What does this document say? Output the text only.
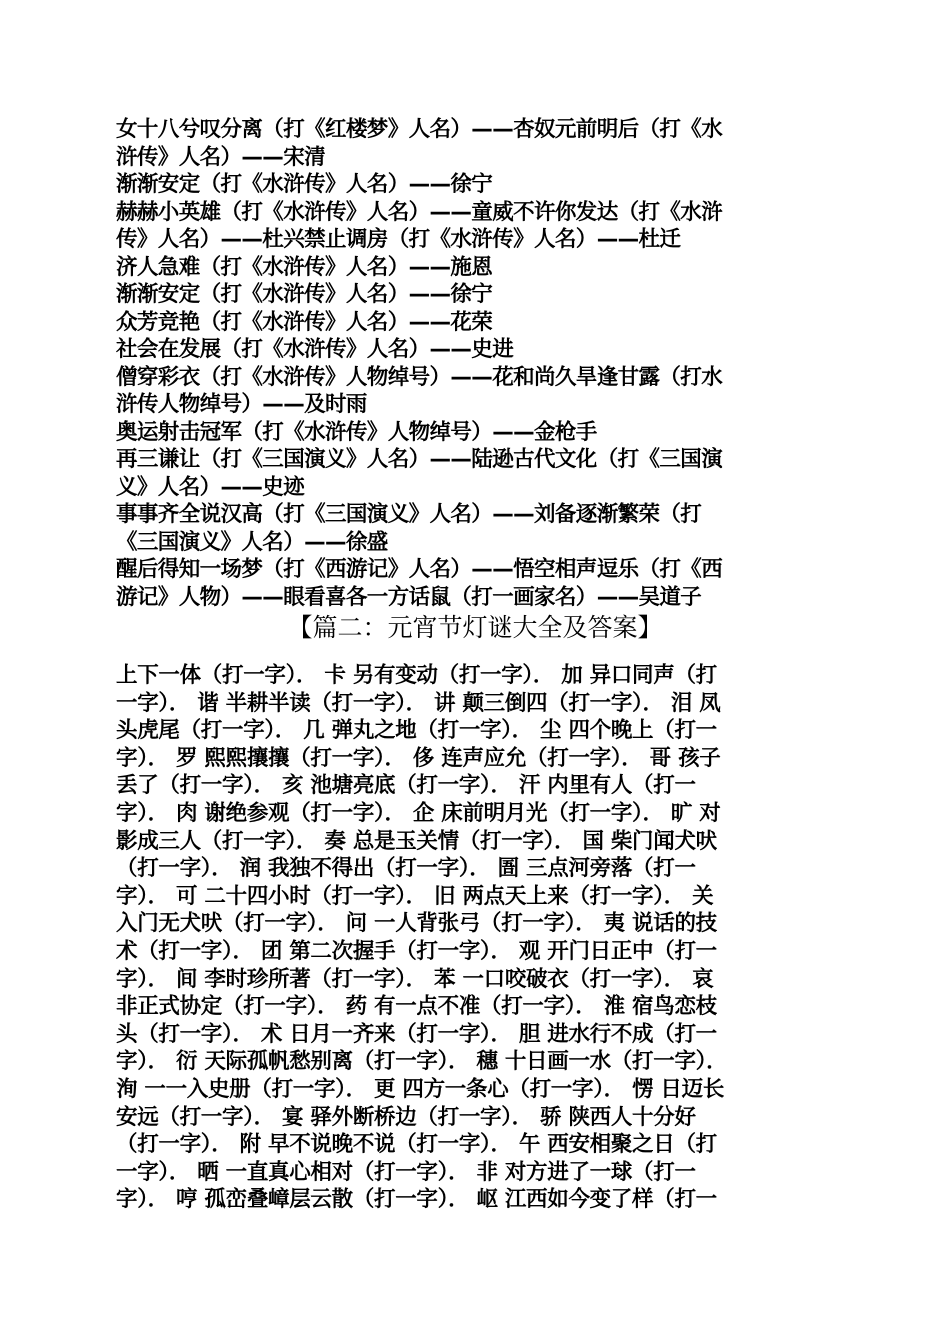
女十八兮叹分离（打《红楼梦》人名）——杏奴元前明后（打《水
浒传》人名）——宋清
渐渐安定（打《水浒传》人名）——徐宁
赫赫小英雄（打《水浒传》人名）——童威不许你发达（打《水浒
传》人名）——杜兴禁止调房（打《水浒传》人名）——杜迁
济人急难（打《水浒传》人名）——施恩
渐渐安定（打《水浒传》人名）——徐宁
众芳竞艳（打《水浒传》人名）——花荣
社会在发展（打《水浒传》人名）——史进
僧穿彩衣（打《水浒传》人物绰号）——花和尚久旱逢甘露（打水
浒传人物绰号）——及时雨
奥运射击冠军（打《水浒传》人物绰号）——金枪手
再三谦让（打《三国演义》人名）——陆逊古代文化（打《三国演
义》人名）——史迹
事事齐全说汉高（打《三国演义》人名）——刘备逐渐繁荣（打
《三国演义》人名）——徐盛
醒后得知一场梦（打《西游记》人名）——悟空相声逗乐（打《西
游记》人物）——眼看喜各一方话鼠（打一画家名）——吴道子
【篇二：元宵节灯谜大全及答案】
上下一体（打一字）． 卡 另有变动（打一字）． 加 异口同声（打
一字）． 谐 半耕半读（打一字）． 讲 颠三倒四（打一字）． 泪 凤
头虎尾（打一字）． 几 弹丸之地（打一字）． 尘 四个晚上（打一
字）． 罗 熙熙攘攘（打一字）． 侈 连声应允（打一字）． 哥 孩子
丢了（打一字）． 亥 池塘亮底（打一字）． 汗 内里有人（打一
字）． 肉 谢绝参观（打一字）． 企 床前明月光（打一字）． 旷 对
影成三人（打一字）． 奏 总是玉关情（打一字）． 国 柴门闻犬吠
（打一字）． 润 我独不得出（打一字）． 圄 三点河旁落（打一
字）． 可 二十四小时（打一字）． 旧 两点天上来（打一字）． 关
入门无犬吠（打一字）． 问 一人背张弓（打一字）． 夷 说话的技
术（打一字）． 团 第二次握手（打一字）． 观 开门日正中（打一
字）． 间 李时珍所著（打一字）． 苯 一口咬破衣（打一字）． 哀
非正式协定（打一字）． 药 有一点不准（打一字）． 淮 宿鸟恋枝
头（打一字）． 术 日月一齐来（打一字）． 胆 进水行不成（打一
字）． 衍 天际孤帆愁别离（打一字）． 穗 十日画一水（打一字）．
洵 一一入史册（打一字）． 更 四方一条心（打一字）． 愣 日迈长
安远（打一字）． 宴 驿外断桥边（打一字）． 骄 陕西人十分好
（打一字）． 附 早不说晚不说（打一字）． 午 西安相聚之日（打
一字）． 晒 一直真心相对（打一字）． 非 对方进了一球（打一
字）． 哼 孤峦叠嶂层云散（打一字）． 岖 江西如今变了样（打一
